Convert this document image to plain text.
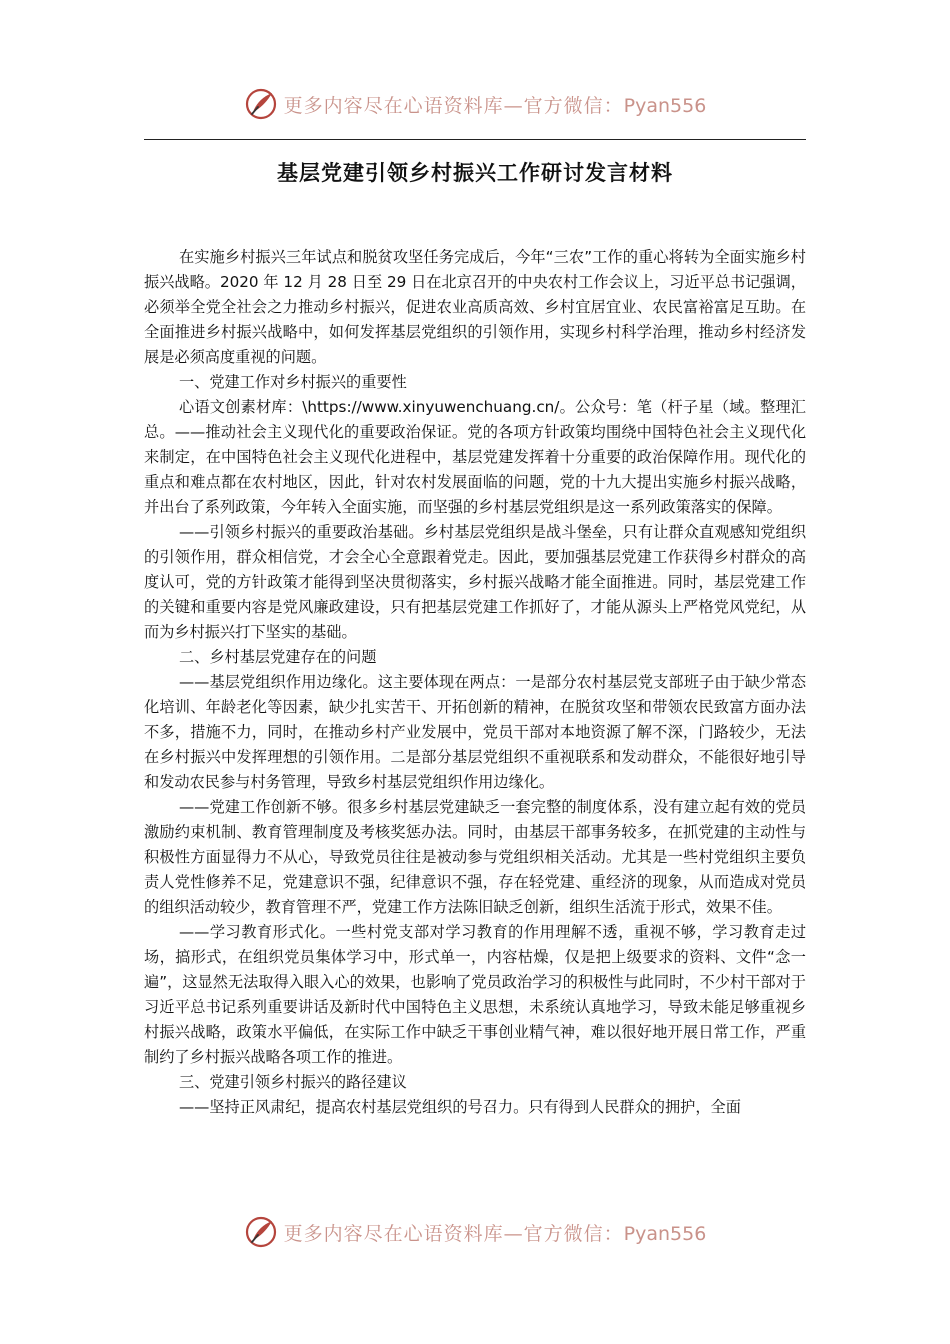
更多内容尽在心语资料库—官方微信：Pyan556
基层党建引领乡村振兴工作研讨发言材料

在实施乡村振兴三年试点和脱贫攻坚任务完成后，今年“三农”工作的重心将转为全面实施乡村振兴战略。2020 年 12 月 28 日至 29 日在北京召开的中央农村工作会议上，习近平总书记强调，必须举全党全社会之力推动乡村振兴，促进农业高质高效、乡村宜居宜业、农民富裕富足互助。在全面推进乡村振兴战略中，如何发挥基层党组织的引领作用，实现乡村科学治理，推动乡村经济发展是必须高度重视的问题。

一、党建工作对乡村振兴的重要性

心语文创素材库：\https://www.xinyuwenchuang.cn/。公众号：笔（杆子星（域。整理汇总。——推动社会主义现代化的重要政治保证。党的各项方针政策均围绕中国特色社会主义现代化来制定，在中国特色社会主义现代化进程中，基层党建发挥着十分重要的政治保障作用。现代化的重点和难点都在农村地区，因此，针对农村发展面临的问题，党的十九大提出实施乡村振兴战略，并出台了系列政策，今年转入全面实施，而坚强的乡村基层党组织是这一系列政策落实的保障。

——引领乡村振兴的重要政治基础。乡村基层党组织是战斗堡垒，只有让群众直观感知党组织的引领作用，群众相信党，才会全心全意跟着党走。因此，要加强基层党建工作获得乡村群众的高度认可，党的方针政策才能得到坚决贯彻落实，乡村振兴战略才能全面推进。同时，基层党建工作的关键和重要内容是党风廉政建设，只有把基层党建工作抓好了，才能从源头上严格党风党纪，从而为乡村振兴打下坚实的基础。

二、乡村基层党建存在的问题

——基层党组织作用边缘化。这主要体现在两点：一是部分农村基层党支部班子由于缺少常态化培训、年龄老化等因素，缺少扎实苦干、开拓创新的精神，在脱贫攻坚和带领农民致富方面办法不多，措施不力，同时，在推动乡村产业发展中，党员干部对本地资源了解不深，门路较少，无法在乡村振兴中发挥理想的引领作用。二是部分基层党组织不重视联系和发动群众，不能很好地引导和发动农民参与村务管理，导致乡村基层党组织作用边缘化。

——党建工作创新不够。很多乡村基层党建缺乏一套完整的制度体系，没有建立起有效的党员激励约束机制、教育管理制度及考核奖惩办法。同时，由基层干部事务较多，在抓党建的主动性与积极性方面显得力不从心，导致党员往往是被动参与党组织相关活动。尤其是一些村党组织主要负责人党性修养不足，党建意识不强，纪律意识不强，存在轻党建、重经济的现象，从而造成对党员的组织活动较少，教育管理不严，党建工作方法陈旧缺乏创新，组织生活流于形式，效果不佳。

——学习教育形式化。一些村党支部对学习教育的作用理解不透，重视不够，学习教育走过场，搞形式，在组织党员集体学习中，形式单一，内容枯燥，仅是把上级要求的资料、文件“念一遍”，这显然无法取得入眼入心的效果，也影响了党员政治学习的积极性与此同时，不少村干部对于习近平总书记系列重要讲话及新时代中国特色主义思想，未系统认真地学习，导致未能足够重视乡村振兴战略，政策水平偏低，在实际工作中缺乏干事创业精气神，难以很好地开展日常工作，严重制约了乡村振兴战略各项工作的推进。

三、党建引领乡村振兴的路径建议

——坚持正风肃纪，提高农村基层党组织的号召力。只有得到人民群众的拥护，全面

更多内容尽在心语资料库—官方微信：Pyan556
